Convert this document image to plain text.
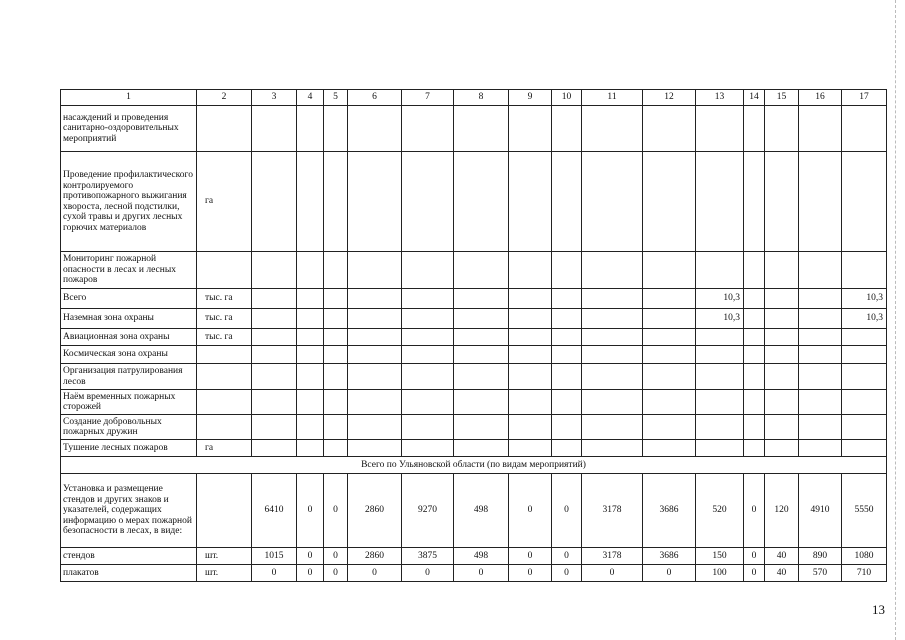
1	2	3	4	5	6	7	8	9	10	11	12	13	14	15	16	17
насаждений и проведения санитарно-оздоровительных мероприятий																
Проведение профилактического контролируемого противопожарного выжигания хвороста, лесной подстилки, сухой травы и других лесных горючих материалов	га															
Мониторинг пожарной опасности в лесах и лесных пожаров																
Всего	тыс. га											10,3				10,3
Наземная зона охраны	тыс. га											10,3				10,3
Авиационная зона охраны	тыс. га															
Космическая зона охраны																
Организация патрулирования лесов																
Наём временных пожарных сторожей																
Создание добровольных пожарных дружин																
Тушение лесных пожаров	га															
Всего по Ульяновской области (по видам мероприятий)																
Установка и размещение стендов и других знаков и указателей, содержащих информацию о мерах пожарной безопасности в лесах, в виде:		6410	0	0	2860	9270	498	0	0	3178	3686	520	0	120	4910	5550
стендов	шт.	1015	0	0	2860	3875	498	0	0	3178	3686	150	0	40	890	1080
плакатов	шт.	0	0	0	0	0	0	0	0	0	0	100	0	40	570	710
13
